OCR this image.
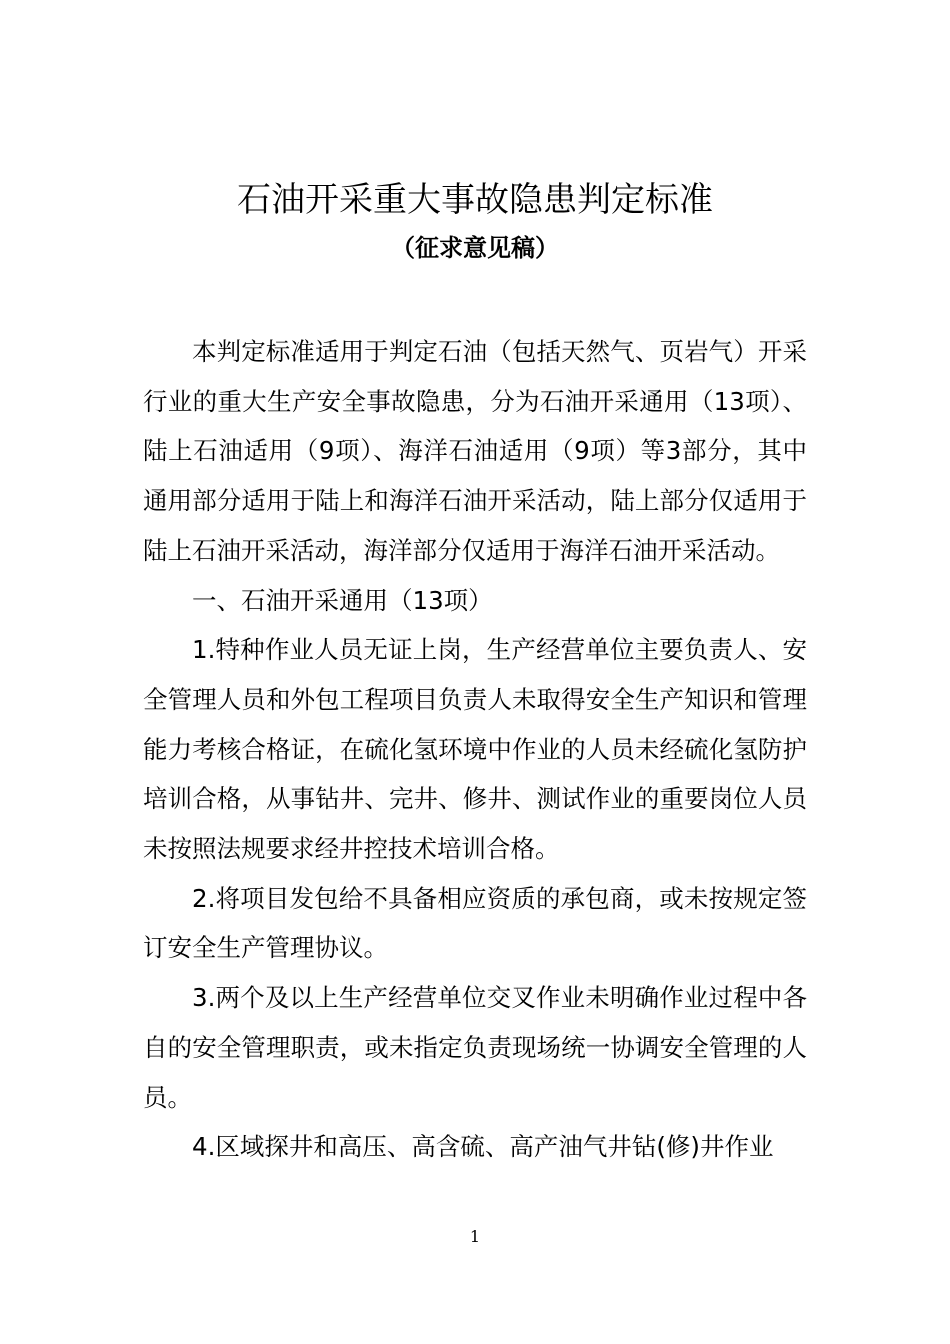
石油开采重大事故隐患判定标准
（征求意见稿）

本判定标准适用于判定石油（包括天然气、页岩气）开采行业的重大生产安全事故隐患，分为石油开采通用（13项）、陆上石油适用（9项）、海洋石油适用（9项）等3部分，其中通用部分适用于陆上和海洋石油开采活动，陆上部分仅适用于陆上石油开采活动，海洋部分仅适用于海洋石油开采活动。

一、石油开采通用（13项）

1.特种作业人员无证上岗，生产经营单位主要负责人、安全管理人员和外包工程项目负责人未取得安全生产知识和管理能力考核合格证，在硫化氢环境中作业的人员未经硫化氢防护培训合格，从事钻井、完井、修井、测试作业的重要岗位人员未按照法规要求经井控技术培训合格。

2.将项目发包给不具备相应资质的承包商，或未按规定签订安全生产管理协议。

3.两个及以上生产经营单位交叉作业未明确作业过程中各自的安全管理职责，或未指定负责现场统一协调安全管理的人员。

4.区域探井和高压、高含硫、高产油气井钻(修)井作业

1
